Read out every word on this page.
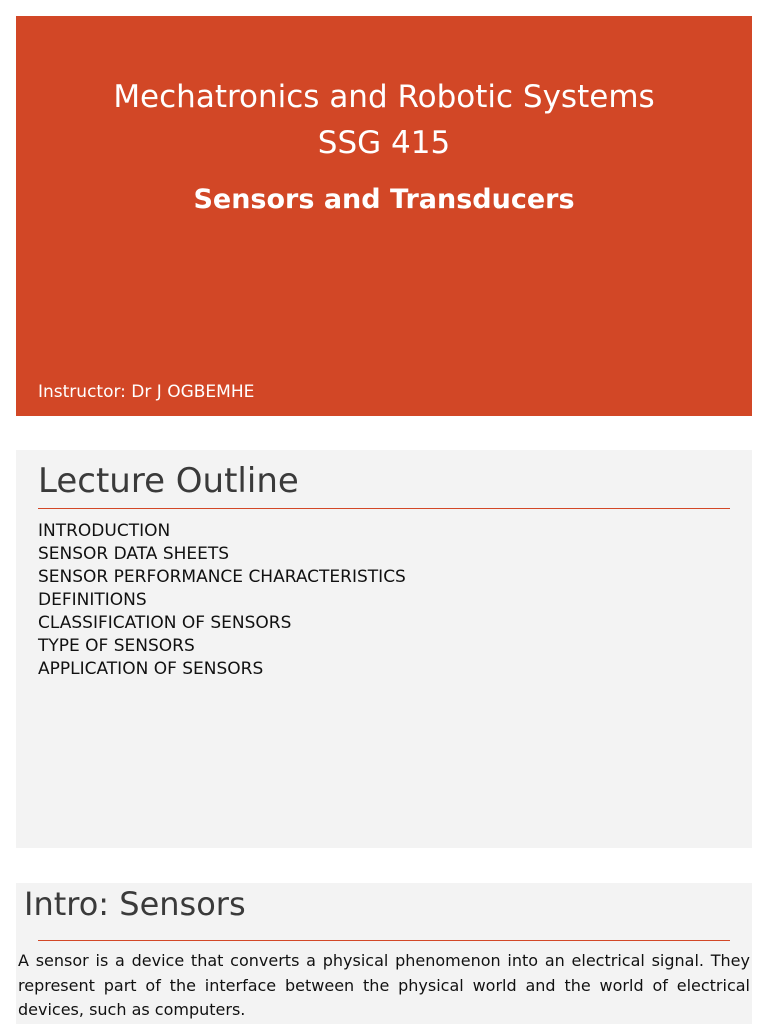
Mechatronics and Robotic Systems
SSG 415
Sensors and Transducers

Instructor: Dr J OGBEMHE

Lecture Outline
INTRODUCTION
SENSOR DATA SHEETS
SENSOR PERFORMANCE CHARACTERISTICS
DEFINITIONS
CLASSIFICATION OF SENSORS
TYPE OF SENSORS
APPLICATION OF SENSORS
Intro: Sensors

A sensor is a device that converts a physical phenomenon into an electrical signal. They represent part of the interface between the physical world and the world of electrical devices, such as computers.
